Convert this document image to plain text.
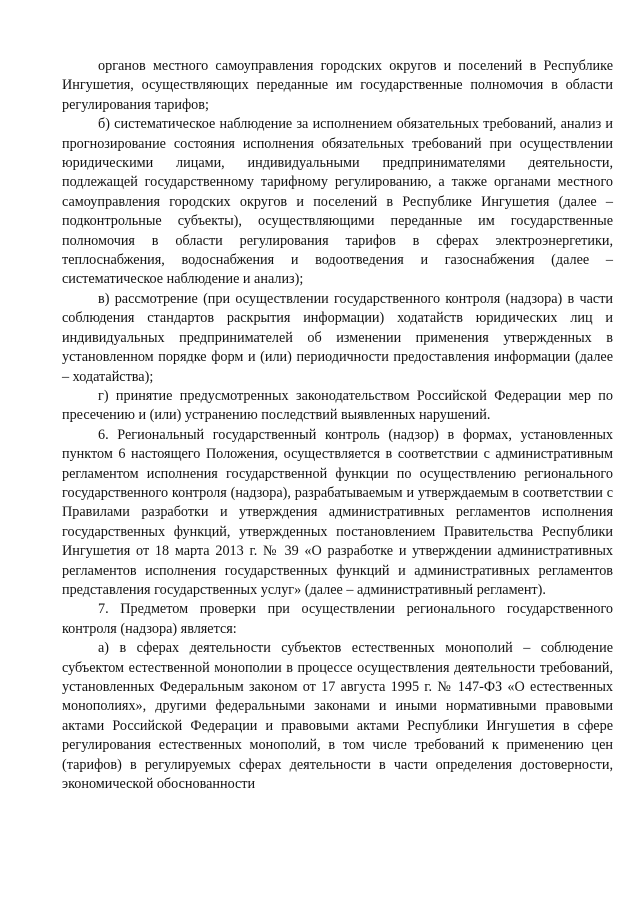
органов местного самоуправления городских округов и поселений в Республике Ингушетия, осуществляющих переданные им государственные полномочия в области регулирования тарифов;

б) систематическое наблюдение за исполнением обязательных требований, анализ и прогнозирование состояния исполнения обязательных требований при осуществлении юридическими лицами, индивидуальными предпринимателями деятельности, подлежащей государственному тарифному регулированию, а также органами местного самоуправления городских округов и поселений в Республике Ингушетия (далее – подконтрольные субъекты), осуществляющими переданные им государственные полномочия в области регулирования тарифов в сферах электроэнергетики, теплоснабжения, водоснабжения и водоотведения и газоснабжения (далее – систематическое наблюдение и анализ);

в) рассмотрение (при осуществлении государственного контроля (надзора) в части соблюдения стандартов раскрытия информации) ходатайств юридических лиц и индивидуальных предпринимателей об изменении применения утвержденных в установленном порядке форм и (или) периодичности предоставления информации (далее – ходатайства);

г) принятие предусмотренных законодательством Российской Федерации мер по пресечению и (или) устранению последствий выявленных нарушений.

6. Региональный государственный контроль (надзор) в формах, установленных пунктом 6 настоящего Положения, осуществляется в соответствии с административным регламентом исполнения государственной функции по осуществлению регионального государственного контроля (надзора), разрабатываемым и утверждаемым в соответствии с Правилами разработки и утверждения административных регламентов исполнения государственных функций, утвержденных постановлением Правительства Республики Ингушетия от 18 марта 2013 г. № 39 «О разработке и утверждении административных регламентов исполнения государственных функций и административных регламентов представления государственных услуг» (далее – административный регламент).

7. Предметом проверки при осуществлении регионального государственного контроля (надзора) является:

а) в сферах деятельности субъектов естественных монополий – соблюдение субъектом естественной монополии в процессе осуществления деятельности требований, установленных Федеральным законом от 17 августа 1995 г. № 147-ФЗ «О естественных монополиях», другими федеральными законами и иными нормативными правовыми актами Российской Федерации и правовыми актами Республики Ингушетия в сфере регулирования естественных монополий, в том числе требований к применению цен (тарифов) в регулируемых сферах деятельности в части определения достоверности, экономической обоснованности
